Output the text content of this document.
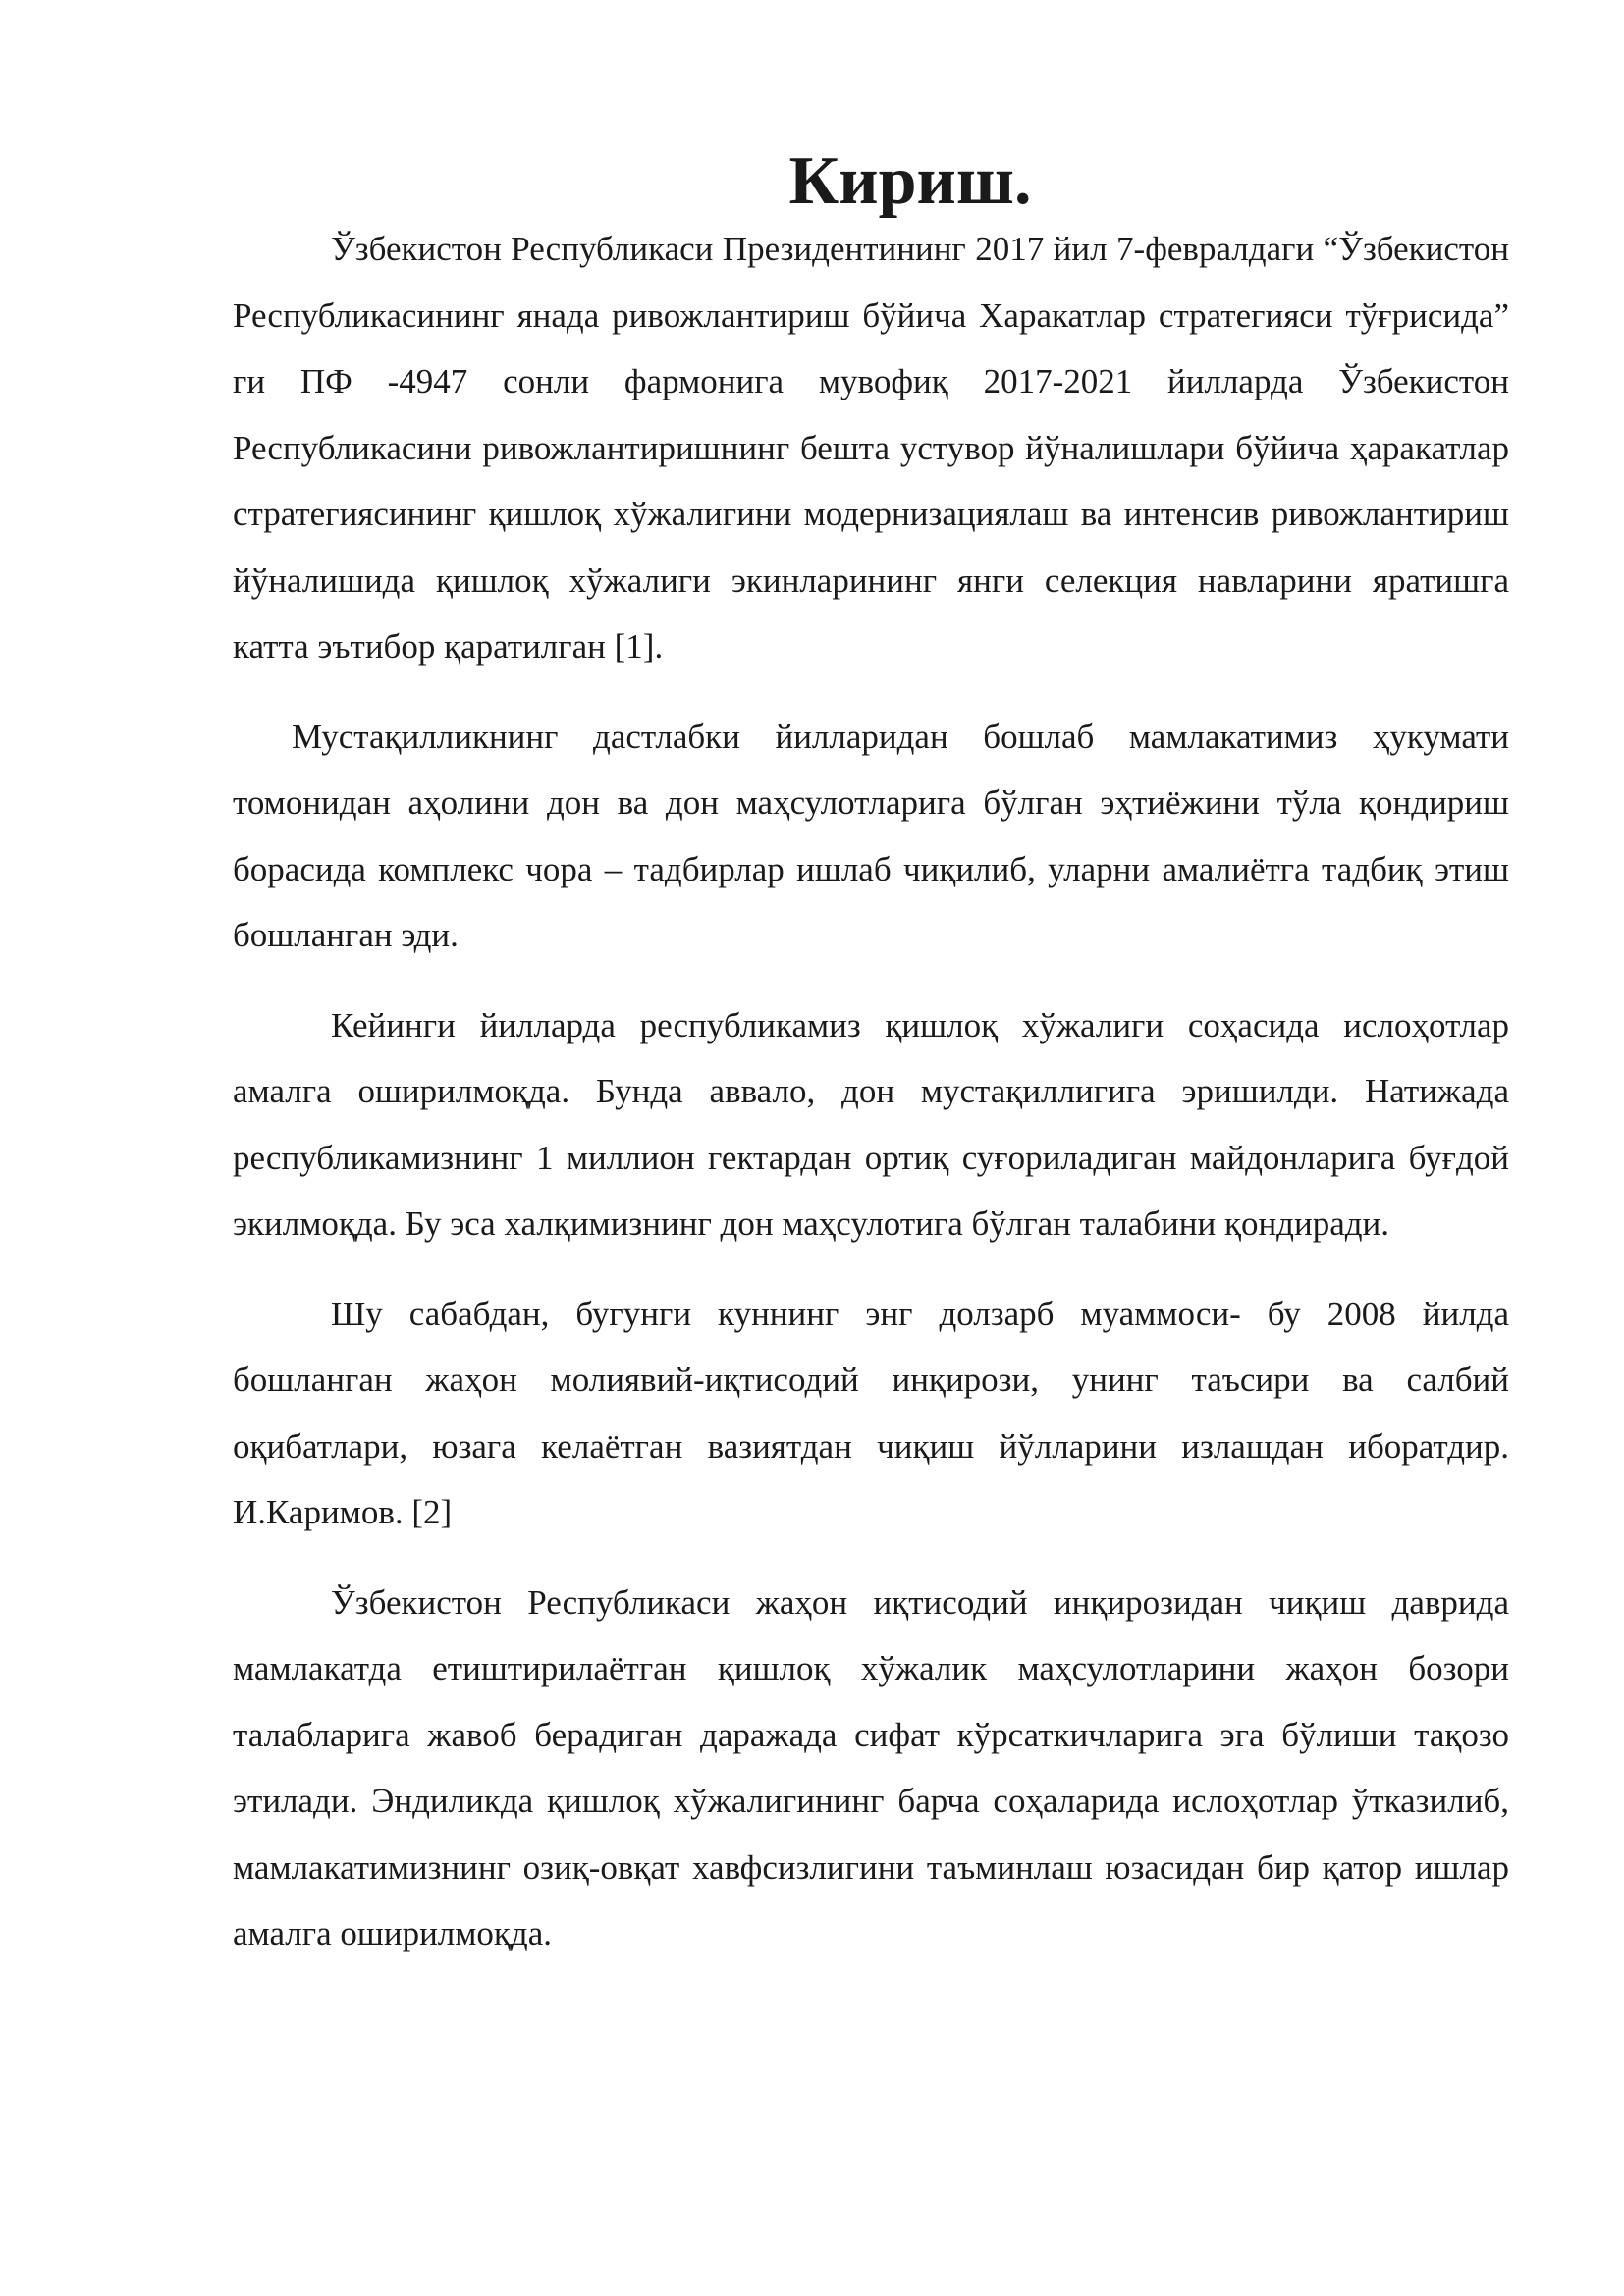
Кириш.

Ўзбекистон Республикаси Президентининг 2017 йил 7-февралдаги “Ўзбекистон Республикасининг янада ривожлантириш бўйича Харакатлар стратегияси тўғрисида” ги ПФ -4947 сонли фармонига мувофиқ 2017-2021 йилларда Ўзбекистон Республикасини ривожлантиришнинг бешта устувор йўналишлари бўйича ҳаракатлар стратегиясининг қишлоқ хўжалигини модернизациялаш ва интенсив ривожлантириш йўналишида қишлоқ хўжалиги экинларининг янги селекция навларини яратишга катта эътибор қаратилган [1].

Мустақилликнинг дастлабки йилларидан бошлаб мамлакатимиз ҳукумати томонидан аҳолини дон ва дон маҳсулотларига бўлган эҳтиёжини тўла қондириш борасида комплекс чора – тадбирлар ишлаб чиқилиб, уларни амалиётга тадбиқ этиш бошланган эди.

Кейинги йилларда республикамиз қишлоқ хўжалиги соҳасида ислоҳотлар амалга оширилмоқда. Бунда аввало, дон мустақиллигига эришилди. Натижада республикамизнинг 1 миллион гектардан ортиқ суғориладиган майдонларига буғдой экилмоқда. Бу эса халқимизнинг дон маҳсулотига бўлган талабини қондиради.

Шу сабабдан, бугунги куннинг энг долзарб муаммоси- бу 2008 йилда бошланган жаҳон молиявий-иқтисодий инқирози, унинг таъсири ва салбий оқибатлари, юзага келаётган вазиятдан чиқиш йўлларини излашдан иборатдир. И.Каримов. [2]

Ўзбекистон Республикаси жаҳон иқтисодий инқирозидан чиқиш даврида мамлакатда етиштирилаётган қишлоқ хўжалик маҳсулотларини жаҳон бозори талабларига жавоб берадиган даражада сифат кўрсаткичларига эга бўлиши тақозо этилади. Эндиликда қишлоқ хўжалигининг барча соҳаларида ислоҳотлар ўтказилиб, мамлакатимизнинг озиқ-овқат хавфсизлигини таъминлаш юзасидан бир қатор ишлар амалга оширилмоқда.
